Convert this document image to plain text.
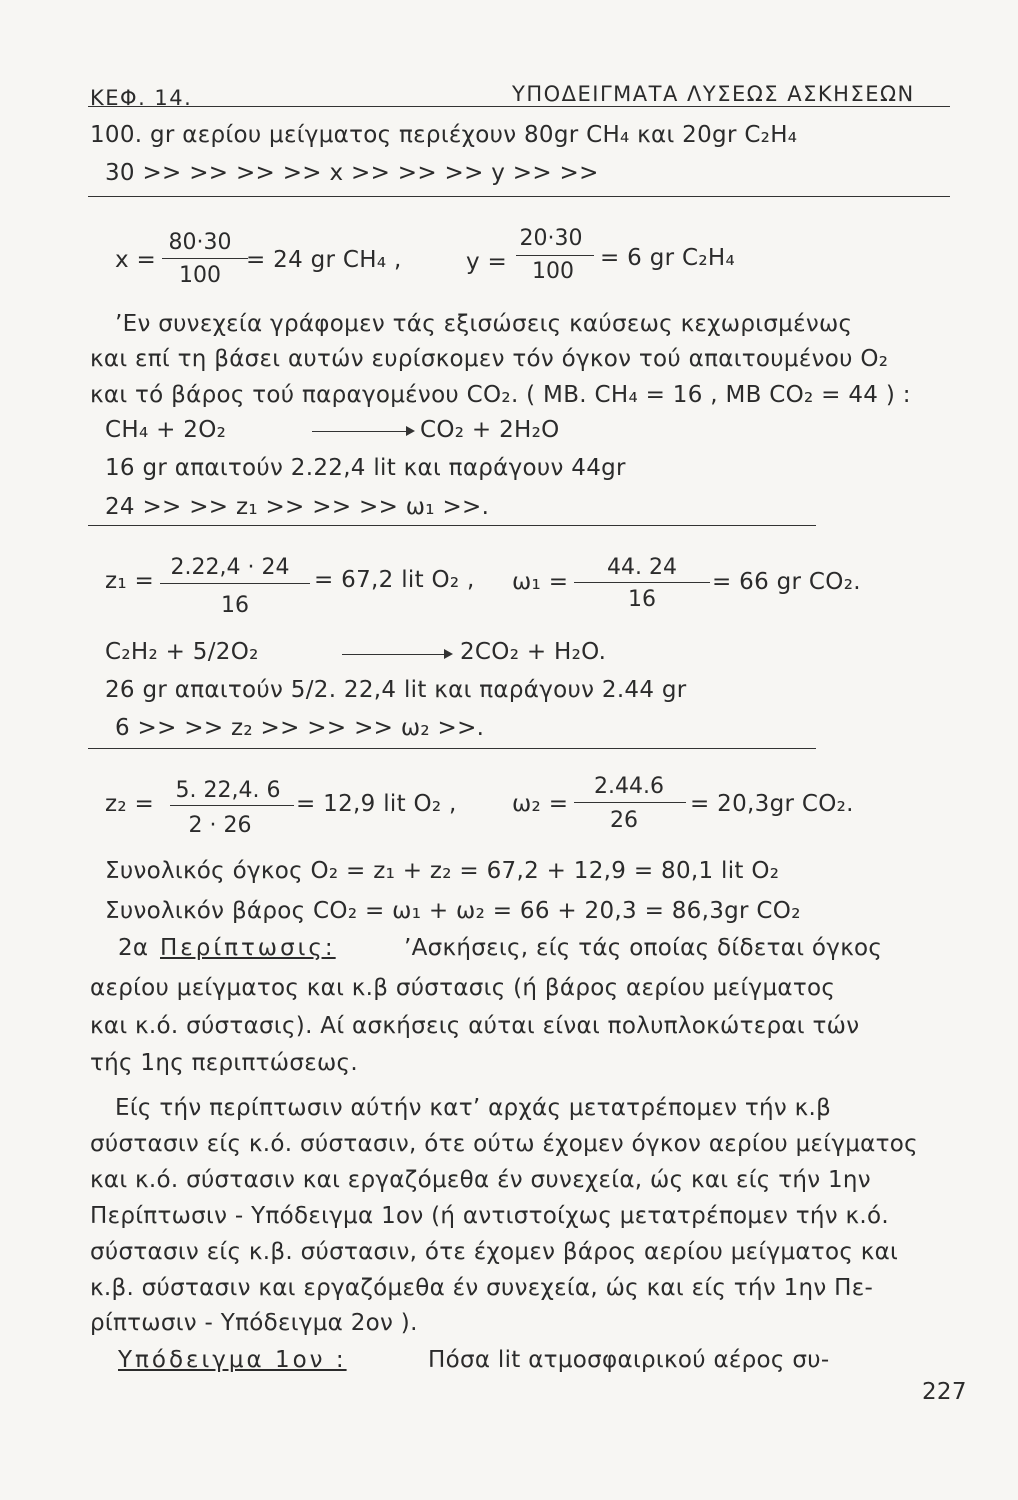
ΚΕΦ. 14.	ΥΠΟΔΕΙΓΜΑΤΑ ΛΥΣΕΩΣ ΑΣΚΗΣΕΩΝ
100. gr αερίου μείγματος περιέχουν 80gr CH₄ και 20gr C₂H₄
30 >> >> >> >> x >> >> >> y >> >>
x =
80·30
100
= 24 gr CH₄ ,	y =
20·30
100
= 6 gr C₂H₄
’Εν συνεχεία γράφομεν τάς εξισώσεις καύσεως κεχωρισμένως
και επί τη βάσει αυτών ευρίσκομεν τόν όγκον τού απαιτουμένου O₂
και τό βάρος τού παραγομένου CO₂. ( MB. CH₄ = 16 , MB CO₂ = 44 ) :
CH₄ + 2O₂	CO₂ + 2H₂O
16 gr απαιτούν 2.22,4 lit και παράγουν 44gr
24 >> >> z₁ >> >> >> ω₁ >>.
z₁ =
2.22,4 · 24
16
= 67,2 lit O₂ , ω₁ =
44. 24
16
= 66 gr CO₂.
C₂H₂ + 5/2O₂	2CO₂ + H₂O.
26 gr απαιτούν 5/2. 22,4 lit και παράγουν 2.44 gr
6 >> >> z₂ >> >> >> ω₂ >>.
z₂ =
5. 22,4. 6
2 · 26
= 12,9 lit O₂ , ω₂ =
2.44.6
26
= 20,3gr CO₂.
Συνολικός όγκος O₂ = z₁ + z₂ = 67,2 + 12,9 = 80,1 lit O₂
Συνολικόν βάρος CO₂ = ω₁ + ω₂ = 66 + 20,3 = 86,3gr CO₂
2α Περίπτωσις:	’Ασκήσεις, είς τάς οποίας δίδεται όγκος
αερίου μείγματος και κ.β σύστασις (ή βάρος αερίου μείγματος
και κ.ό. σύστασις). Αί ασκήσεις αύται είναι πολυπλοκώτεραι τών
τής 1ης περιπτώσεως.
Είς τήν περίπτωσιν αύτήν κατ’ αρχάς μετατρέπομεν τήν κ.β
σύστασιν είς κ.ό. σύστασιν, ότε ούτω έχομεν όγκον αερίου μείγματος
και κ.ό. σύστασιν και εργαζόμεθα έν συνεχεία, ώς και είς τήν 1ην
Περίπτωσιν - Υπόδειγμα 1ον (ή αντιστοίχως μετατρέπομεν τήν κ.ό.
σύστασιν είς κ.β. σύστασιν, ότε έχομεν βάρος αερίου μείγματος και
κ.β. σύστασιν και εργαζόμεθα έν συνεχεία, ώς και είς τήν 1ην Πε-
ρίπτωσιν - Υπόδειγμα 2ον ).
Υπόδειγμα 1ον :	Πόσα lit ατμοσφαιρικού αέρος συ-
227
